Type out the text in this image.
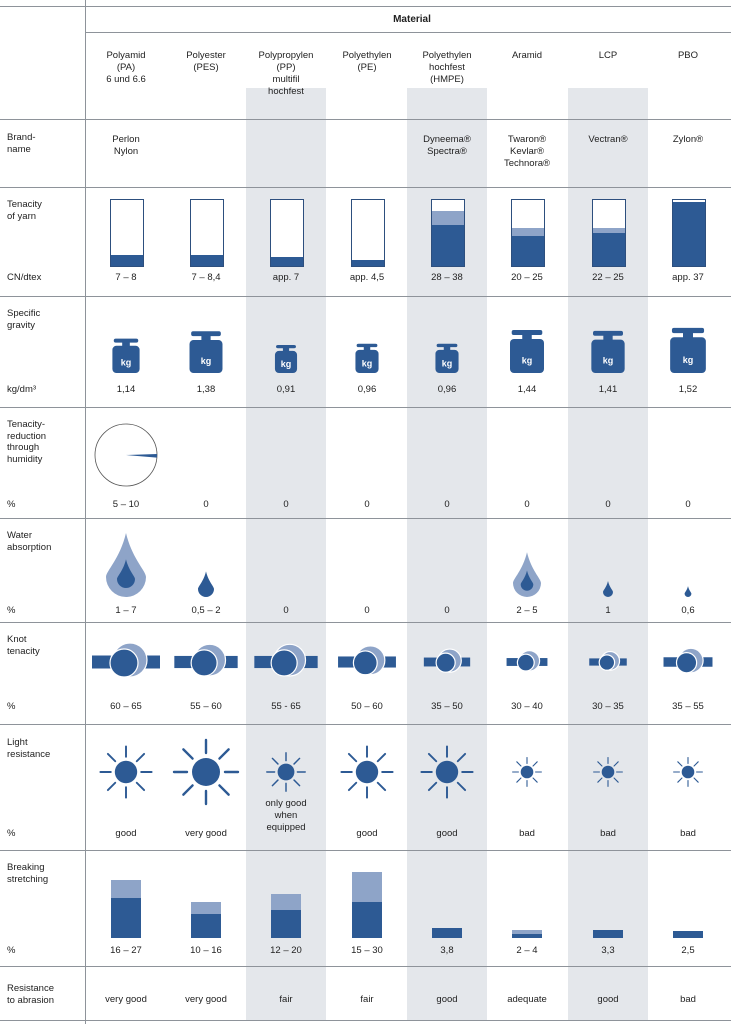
Material
Brand-
name
Tenacity
of yarn
CN/dtex
Specific
gravity
kg/dm³
Tenacity-
reduction
through
humidity
%
Water
absorption
%
Knot
tenacity
%
Light
resistance
%
Breaking
stretching
%
Resistance
to abrasion
Polyamid
(PA)
6 und 6.6
Perlon
Nylon
7 – 8
kg
1,14
5 – 10
1 – 7
60 – 65
good
16 – 27
very good
Polyester
(PES)
7 – 8,4
kg
1,38
0
0,5 – 2
55 – 60
very good
10 – 16
very good
Polypropylen
(PP)
multifil
hochfest
app. 7
kg
0,91
0
0
55 - 65
only good
when
equipped
12 – 20
fair
Polyethylen
(PE)
app. 4,5
kg
0,96
0
0
50 – 60
good
15 – 30
fair
Polyethylen
hochfest
(HMPE)
Dyneema®
Spectra®
28 – 38
kg
0,96
0
0
35 – 50
good
3,8
good
Aramid
Twaron®
Kevlar®
Technora®
20 – 25
kg
1,44
0
2 – 5
30 – 40
bad
2 – 4
adequate
LCP
Vectran®
22 – 25
kg
1,41
0
1
30 – 35
bad
3,3
good
PBO
Zylon®
app. 37
kg
1,52
0
0,6
35 – 55
bad
2,5
bad
